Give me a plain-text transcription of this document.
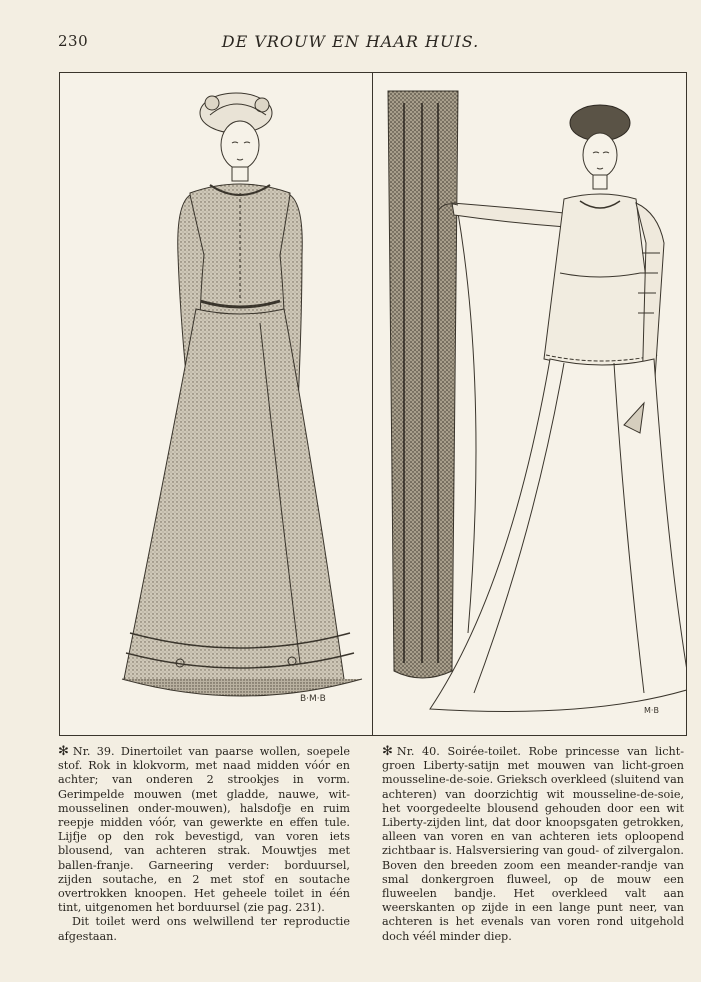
230	DE VROUW EN HAAR HUIS.
B·M·B
M·B

✻ Nr. 39. Dinertoilet van paarse wollen, soepele stof. Rok in klokvorm, met naad midden vóór en achter; van onderen 2 strookjes in vorm. Gerimpelde mouwen (met gladde, nauwe, wit-mousselinen onder-mouwen), halsdofje en ruim reepje midden vóór, van gewerkte en effen tule. Lijfje op den rok bevestigd, van voren iets blousend, van achteren strak. Mouwtjes met ballen-franje. Garneering verder: borduursel, zijden soutache, en 2 met stof en soutache overtrokken knoopen. Het geheele toilet in één tint, uitgenomen het borduursel (zie pag. 231).

Dit toilet werd ons welwillend ter reproductie afgestaan.

✻ Nr. 40. Soirée-toilet. Robe princesse van licht-groen Liberty-satijn met mouwen van licht-groen mousseline-de-soie. Grieksch overkleed (sluitend van achteren) van doorzichtig wit mousseline-de-soie, het voorgedeelte blousend gehouden door een wit Liberty-zijden lint, dat door knoopsgaten getrokken, alleen van voren en van achteren iets oploopend zichtbaar is. Halsversiering van goud- of zilvergalon. Boven den breeden zoom een meander-randje van smal donkergroen fluweel, op de mouw een fluweelen bandje. Het overkleed valt aan weerskanten op zijde in een lange punt neer, van achteren is het evenals van voren rond uitgehold doch véél minder diep.
